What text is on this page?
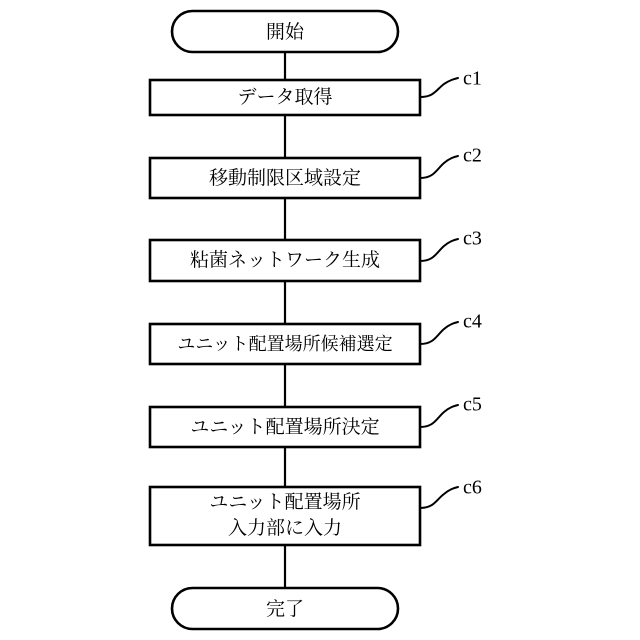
開始
データ取得
c1
移動制限区域設定
c2
粘菌ネットワーク生成
c3
ユニット配置場所候補選定
c4
ユニット配置場所決定
c5
ユニット配置場所
入力部に入力
c6
完了
